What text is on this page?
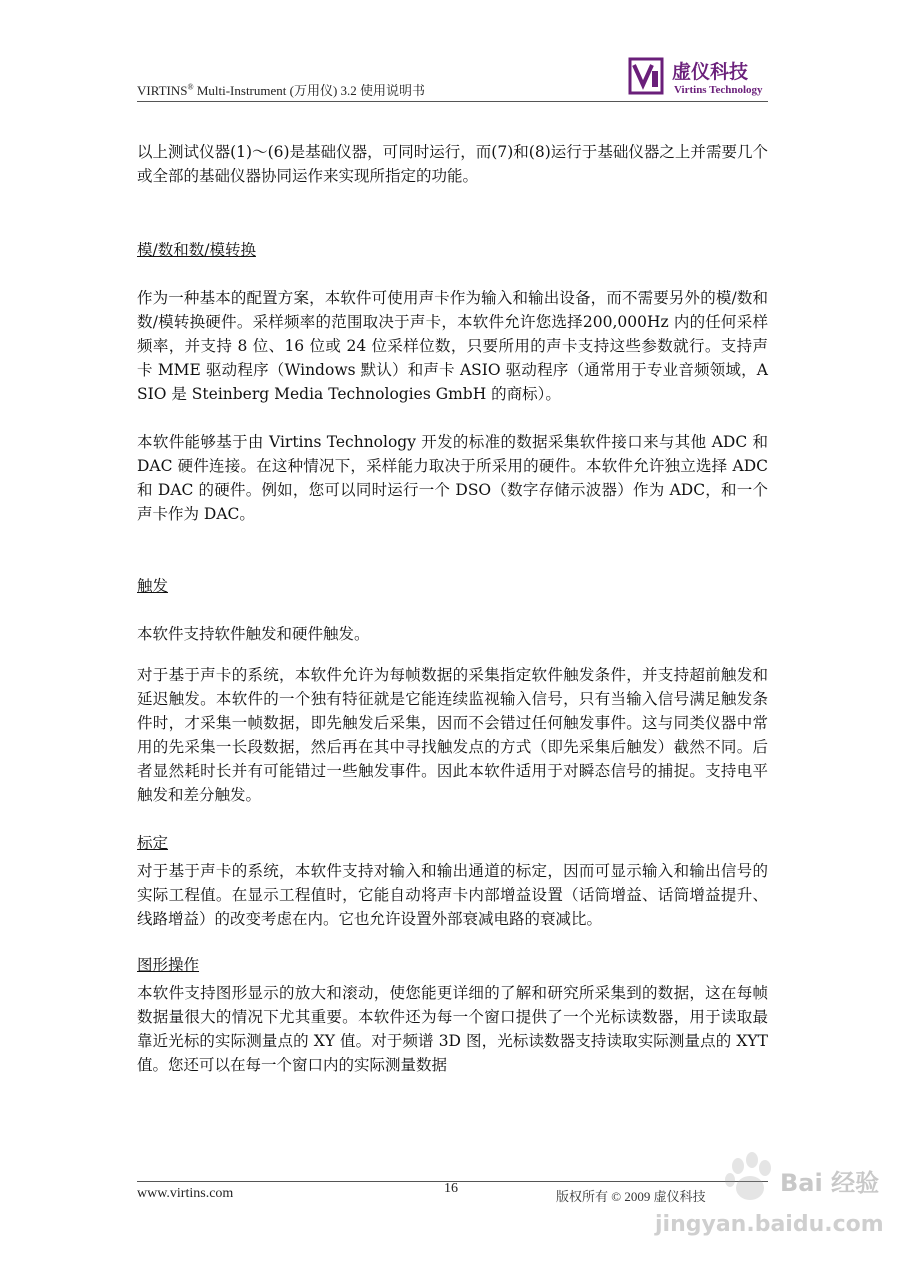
VIRTINS® Multi-Instrument (万用仪) 3.2 使用说明书
虚仪科技
Virtins Technology

以上测试仪器(1)～(6)是基础仪器，可同时运行，而(7)和(8)运行于基础仪器之上并需要几个或全部的基础仪器协同运作来实现所指定的功能。

模/数和数/模转换

作为一种基本的配置方案，本软件可使用声卡作为输入和输出设备，而不需要另外的模/数和数/模转换硬件。采样频率的范围取决于声卡，本软件允许您选择200,000Hz 内的任何采样频率，并支持 8 位、16 位或 24 位采样位数，只要所用的声卡支持这些参数就行。支持声卡 MME 驱动程序（Windows 默认）和声卡 ASIO 驱动程序（通常用于专业音频领域，ASIO 是 Steinberg Media Technologies GmbH 的商标）。

本软件能够基于由 Virtins Technology 开发的标准的数据采集软件接口来与其他 ADC 和 DAC 硬件连接。在这种情况下，采样能力取决于所采用的硬件。本软件允许独立选择 ADC 和 DAC 的硬件。例如，您可以同时运行一个 DSO（数字存储示波器）作为 ADC，和一个声卡作为 DAC。

触发

本软件支持软件触发和硬件触发。

对于基于声卡的系统，本软件允许为每帧数据的采集指定软件触发条件，并支持超前触发和延迟触发。本软件的一个独有特征就是它能连续监视输入信号，只有当输入信号满足触发条件时，才采集一帧数据，即先触发后采集，因而不会错过任何触发事件。这与同类仪器中常用的先采集一长段数据，然后再在其中寻找触发点的方式（即先采集后触发）截然不同。后者显然耗时长并有可能错过一些触发事件。因此本软件适用于对瞬态信号的捕捉。支持电平触发和差分触发。

标定

对于基于声卡的系统，本软件支持对输入和输出通道的标定，因而可显示输入和输出信号的实际工程值。在显示工程值时，它能自动将声卡内部增益设置（话筒增益、话筒增益提升、线路增益）的改变考虑在内。它也允许设置外部衰减电路的衰减比。

图形操作

本软件支持图形显示的放大和滚动，使您能更详细的了解和研究所采集到的数据，这在每帧数据量很大的情况下尤其重要。本软件还为每一个窗口提供了一个光标读数器，用于读取最靠近光标的实际测量点的 XY 值。对于频谱 3D 图，光标读数器支持读取实际测量点的 XYT 值。您还可以在每一个窗口内的实际测量数据

www.virtins.com	16
版权所有 © 2009 虚仪科技	Bai 经验
jingyan.baidu.com
